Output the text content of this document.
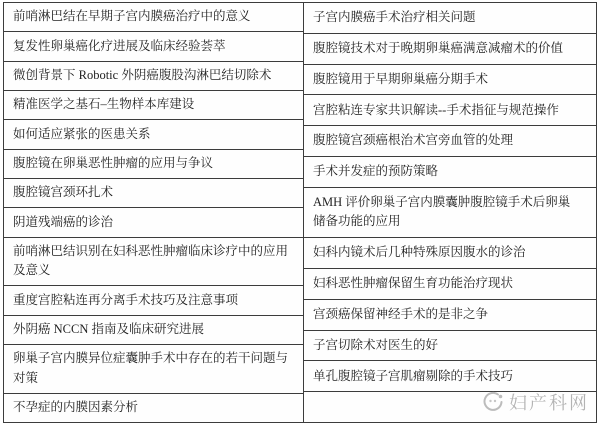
前哨淋巴结在早期子宫内膜癌治疗中的意义
复发性卵巢癌化疗进展及临床经验荟萃
微创背景下 Robotic 外阴癌腹股沟淋巴结切除术
精准医学之基石–生物样本库建设
如何适应紧张的医患关系
腹腔镜在卵巢恶性肿瘤的应用与争议
腹腔镜宫颈环扎术
阴道残端癌的诊治
前哨淋巴结识别在妇科恶性肿瘤临床诊疗中的应用及意义
重度宫腔粘连再分离手术技巧及注意事项
外阴癌 NCCN 指南及临床研究进展
卵巢子宫内膜异位症囊肿手术中存在的若干问题与对策
不孕症的内膜因素分析
子宫内膜癌手术治疗相关问题
腹腔镜技术对于晚期卵巢癌满意减瘤术的价值
腹腔镜用于早期卵巢癌分期手术
宫腔粘连专家共识解读--手术指征与规范操作
腹腔镜宫颈癌根治术宫旁血管的处理
手术并发症的预防策略
AMH 评价卵巢子宫内膜囊肿腹腔镜手术后卵巢储备功能的应用
妇科内镜术后几种特殊原因腹水的诊治
妇科恶性肿瘤保留生育功能治疗现状
宫颈癌保留神经手术的是非之争
子宫切除术对医生的好
单孔腹腔镜子宫肌瘤剔除的手术技巧

妇产科网
